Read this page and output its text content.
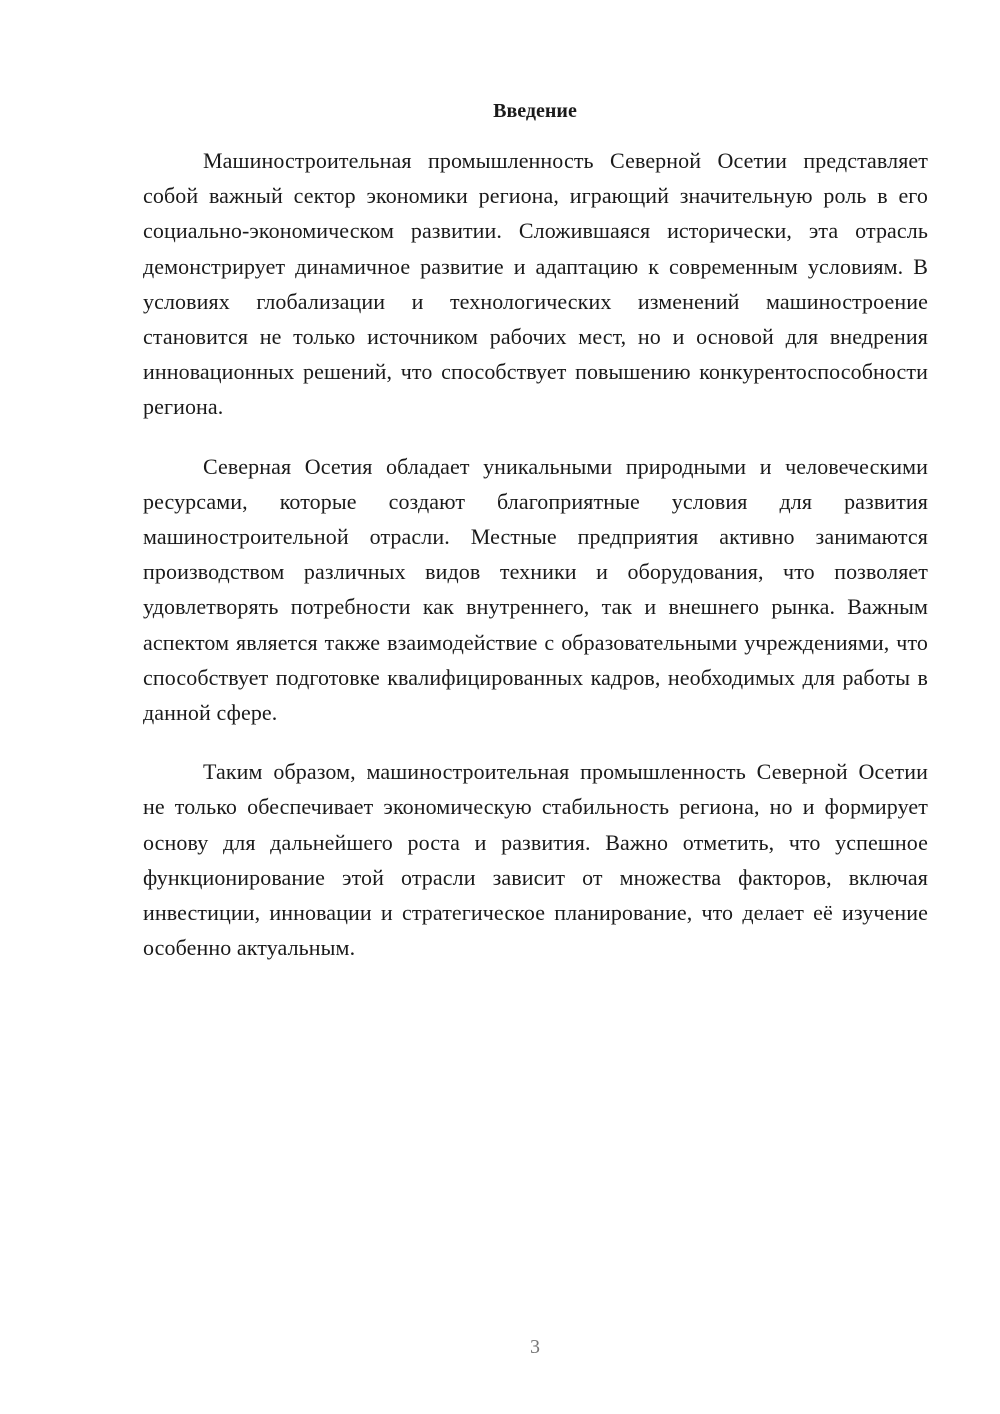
Введение

Машиностроительная промышленность Северной Осетии представляет собой важный сектор экономики региона, играющий значительную роль в его социально-экономическом развитии. Сложившаяся исторически, эта отрасль демонстрирует динамичное развитие и адаптацию к современным условиям. В условиях глобализации и технологических изменений машиностроение становится не только источником рабочих мест, но и основой для внедрения инновационных решений, что способствует повышению конкурентоспособности региона.

Северная Осетия обладает уникальными природными и человеческими ресурсами, которые создают благоприятные условия для развития машиностроительной отрасли. Местные предприятия активно занимаются производством различных видов техники и оборудования, что позволяет удовлетворять потребности как внутреннего, так и внешнего рынка. Важным аспектом является также взаимодействие с образовательными учреждениями, что способствует подготовке квалифицированных кадров, необходимых для работы в данной сфере.

Таким образом, машиностроительная промышленность Северной Осетии не только обеспечивает экономическую стабильность региона, но и формирует основу для дальнейшего роста и развития. Важно отметить, что успешное функционирование этой отрасли зависит от множества факторов, включая инвестиции, инновации и стратегическое планирование, что делает её изучение особенно актуальным.

3
